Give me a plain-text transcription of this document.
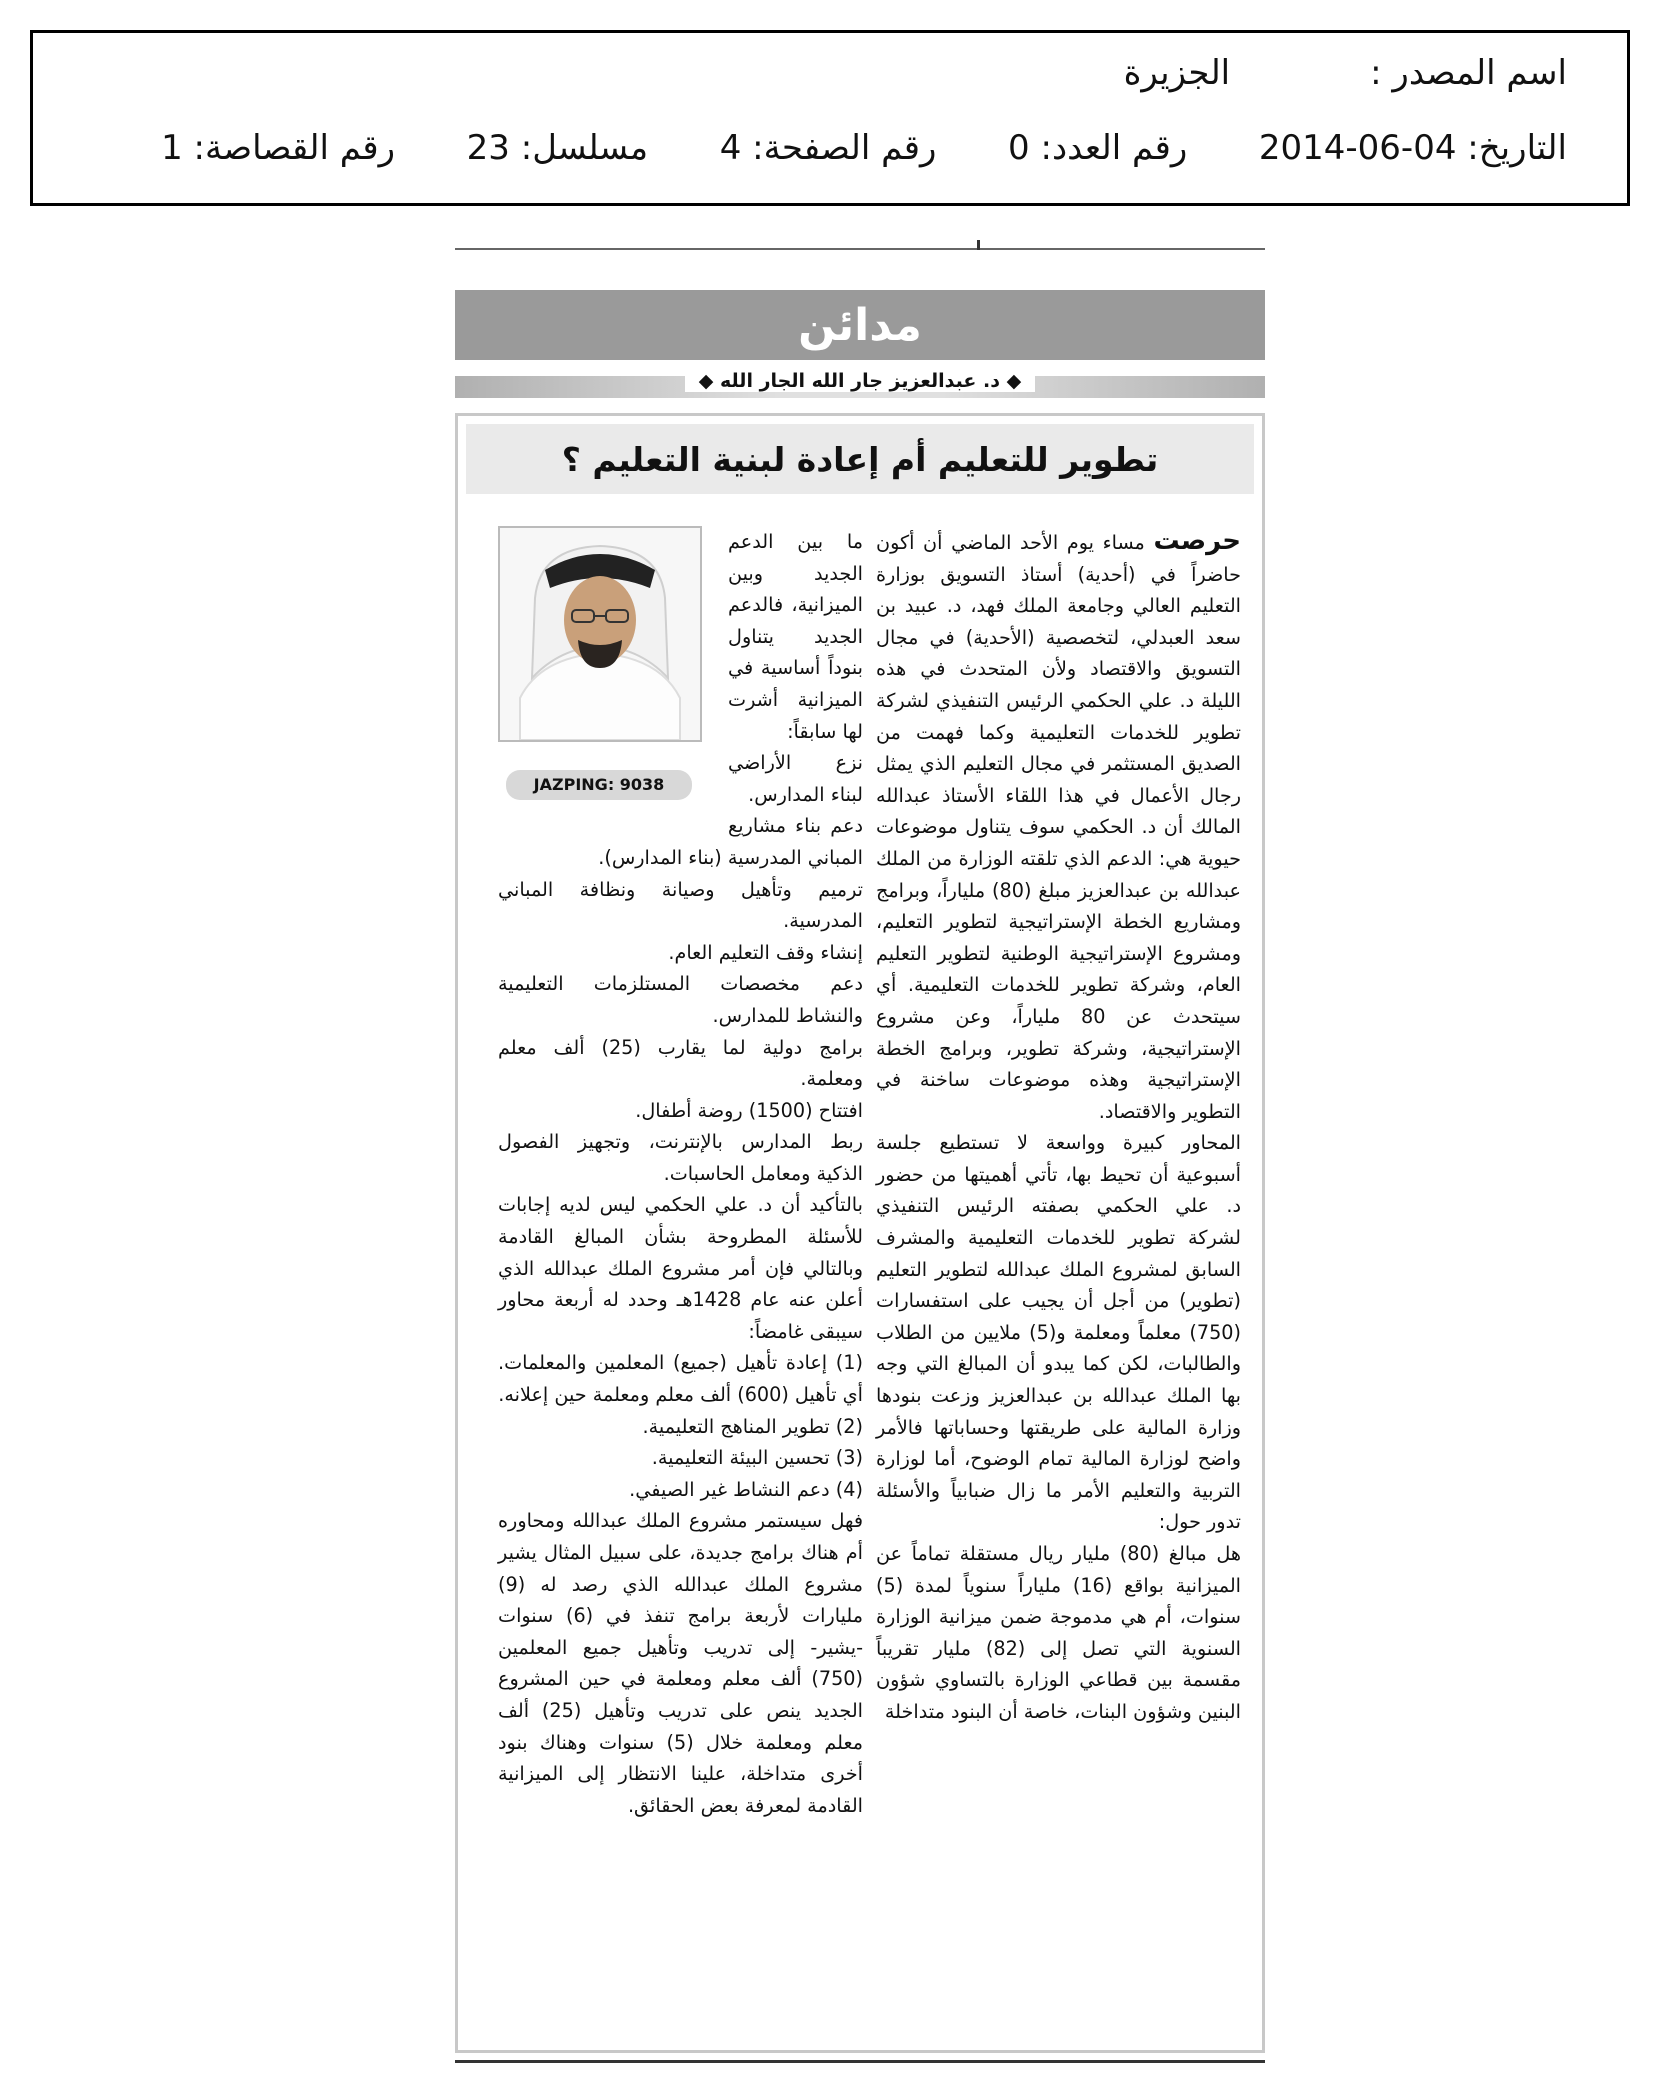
اسم المصدر :الجزيرة
التاريخ: 2014-06-04  رقم العدد: 0  رقم الصفحة: 4  مسلسل: 23  رقم القصاصة: 1
مدائن
◆ د. عبدالعزيز جار الله الجار الله ◆
تطوير للتعليم أم إعادة لبنية التعليم ؟

حرصت مساء يوم الأحد الماضي أن أكون حاضراً في (أحدية) أستاذ التسويق بوزارة التعليم العالي وجامعة الملك فهد، د. عبيد بن سعد العبدلي، لتخصصية (الأحدية) في مجال التسويق والاقتصاد ولأن المتحدث في هذه الليلة د. علي الحكمي الرئيس التنفيذي لشركة تطوير للخدمات التعليمية وكما فهمت من الصديق المستثمر في مجال التعليم الذي يمثل رجال الأعمال في هذا اللقاء الأستاذ عبدالله المالك أن د. الحكمي سوف يتناول موضوعات حيوية هي: الدعم الذي تلقته الوزارة من الملك عبدالله بن عبدالعزيز مبلغ (80) ملياراً، وبرامج ومشاريع الخطة الإستراتيجية لتطوير التعليم، ومشروع الإستراتيجية الوطنية لتطوير التعليم العام، وشركة تطوير للخدمات التعليمية. أي سيتحدث عن 80 ملياراً، وعن مشروع الإستراتيجية، وشركة تطوير، وبرامج الخطة الإستراتيجية وهذه موضوعات ساخنة في التطوير والاقتصاد.

المحاور كبيرة وواسعة لا تستطيع جلسة أسبوعية أن تحيط بها، تأتي أهميتها من حضور د. علي الحكمي بصفته الرئيس التنفيذي لشركة تطوير للخدمات التعليمية والمشرف السابق لمشروع الملك عبدالله لتطوير التعليم (تطوير) من أجل أن يجيب على استفسارات (750) معلماً ومعلمة و(5) ملايين من الطلاب والطالبات، لكن كما يبدو أن المبالغ التي وجه بها الملك عبدالله بن عبدالعزيز وزعت بنودها وزارة المالية على طريقتها وحساباتها فالأمر واضح لوزارة المالية تمام الوضوح، أما لوزارة التربية والتعليم الأمر ما زال ضبابياً والأسئلة تدور حول:

هل مبالغ (80) مليار ريال مستقلة تماماً عن الميزانية بواقع (16) ملياراً سنوياً لمدة (5) سنوات، أم هي مدموجة ضمن ميزانية الوزارة السنوية التي تصل إلى (82) مليار تقريباً مقسمة بين قطاعي الوزارة بالتساوي شؤون البنين وشؤون البنات، خاصة أن البنود متداخلة

JAZPING: 9038

ما بين الدعم الجديد وبين الميزانية، فالدعم الجديد يتناول بنوداً أساسية في الميزانية أشرت لها سابقاً:

نزع الأراضي لبناء المدارس.

دعم بناء مشاريع المباني المدرسية (بناء المدارس).

ترميم وتأهيل وصيانة ونظافة المباني المدرسية.

إنشاء وقف التعليم العام.

دعم مخصصات المستلزمات التعليمية والنشاط للمدارس.

برامج دولية لما يقارب (25) ألف معلم ومعلمة.

افتتاح (1500) روضة أطفال.

ربط المدارس بالإنترنت، وتجهيز الفصول الذكية ومعامل الحاسبات.

بالتأكيد أن د. علي الحكمي ليس لديه إجابات للأسئلة المطروحة بشأن المبالغ القادمة وبالتالي فإن أمر مشروع الملك عبدالله الذي أعلن عنه عام 1428هـ وحدد له أربعة محاور سيبقى غامضاً:

(1) إعادة تأهيل (جميع) المعلمين والمعلمات. أي تأهيل (600) ألف معلم ومعلمة حين إعلانه.

(2) تطوير المناهج التعليمية.

(3) تحسين البيئة التعليمية.

(4) دعم النشاط غير الصيفي.

فهل سيستمر مشروع الملك عبدالله ومحاوره أم هناك برامج جديدة، على سبيل المثال يشير مشروع الملك عبدالله الذي رصد له (9) مليارات لأربعة برامج تنفذ في (6) سنوات -يشير- إلى تدريب وتأهيل جميع المعلمين (750) ألف معلم ومعلمة في حين المشروع الجديد ينص على تدريب وتأهيل (25) ألف معلم ومعلمة خلال (5) سنوات وهناك بنود أخرى متداخلة، علينا الانتظار إلى الميزانية القادمة لمعرفة بعض الحقائق.
